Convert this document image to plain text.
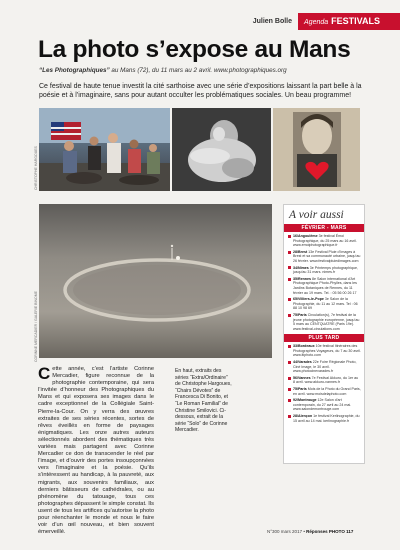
Julien Bolle	Agenda FESTIVALS
La photo s’expose au Mans
“Les Photographiques” au Mans (72), du 11 mars au 2 avril. www.photographiques.org
Ce festival de haute tenue investit la cité sarthoise avec une série d’expositions laissant la part belle à la poésie et à l’imaginaire, sans pour autant occulter les problématiques sociales. Un beau programme!
CHRISTOPHE HARGOUES
CORINNE MERCADIER / GALERIE BINOME
A voir aussi
FÉVRIER - MARS
16/Angoulême 3e festival Émoi Photographique, du 25 mars au 16 avril. www.emoiphotographique.fr
28/Brest 13e Festival Pluie d’Images à Brest et sa communauté urbaine, jusqu’au 26 février. www.festivalpluiedimages.com
34/Nîmes 3e Printemps photographique, jusqu’au 31 mars. nimes.fr
35/Rennes 8e Salon international d’Art Photographique Photo-Phylles, dans les Jardins Botaniques de Rennes, du 11 février au 19 mars. Tel. : 05 56 00 26 17
65/Villiers-le-Pope 3e Salon de la Photographie, du 11 au 12 mars. Tel : 06 88 10 98 69
75/Paris Circulation(s), 7e festival de la jeune photographie européenne, jusqu’au 5 mars au CENTQUATRE (Paris 19e). www.festival-circulations.com
PLUS TARD
33/Bordeaux 10e festival Itinéraires des Photographes Voyageurs, du 7 au 30 avril. www.itiphoto.com
44/Varades 22e Foire Régionale Photo, Ciné Image, le 30 avril. www.photocinevarades.fr
56/Vannes 7e Festival Akkuro, du 1er au 8 avril. www.akkuro-vannes.fr
75/Paris Mois de la Photo du Grand Paris, en avril. www.moisdelaphoto.com
92/Montrouge 12e Salon d’art contemporain, du 27 avril au 24 mai. www.salondemontrouge.com
28/Alençon 1e festival Kerlinographie, du 15 avril au 14 mai. kerlinographie.fr
Cette année, c’est l’artiste Corinne Mercadier, figure reconnue de la photographie contemporaine, qui sera l’invitée d’honneur des Photographiques du Mans et qui exposera ses images dans le cadre exceptionnel de la Collégiale Saint-Pierre-la-Cour. On y verra des œuvres extraites de ses séries récentes, sortes de rêves éveillés en forme de paysages énigmatiques. Les onze autres auteurs sélectionnés abordent des thématiques très variées mais partagent avec Corinne Mercadier ce don de transcender le réel par l’image, et d’ouvrir des portes insoupçonnées vers l’imaginaire et la poésie. Qu’ils s’intéressent au handicap, à la pauvreté, aux migrants, aux souvenirs familiaux, aux derniers bâtisseurs de cathédrales, ou au phénomène du tatouage, tous ces photographes dépassent le simple constat. Ils usent de tous les artifices qu’autorise la photo pour réenchanter le monde et nous le faire voir d’un œil nouveau, et bien souvent émerveillé.
En haut, extraits des séries “Extra/Ordinaire” de Christophe Hargoues, “Chairs Dévotes” de Francesca Di Bonito, et “Le Roman Familial” de Christine Smilovici. Ci-dessous, extrait de la série “Solo” de Corinne Mercadier.
N°300 mars 2017 • Réponses PHOTO 117
